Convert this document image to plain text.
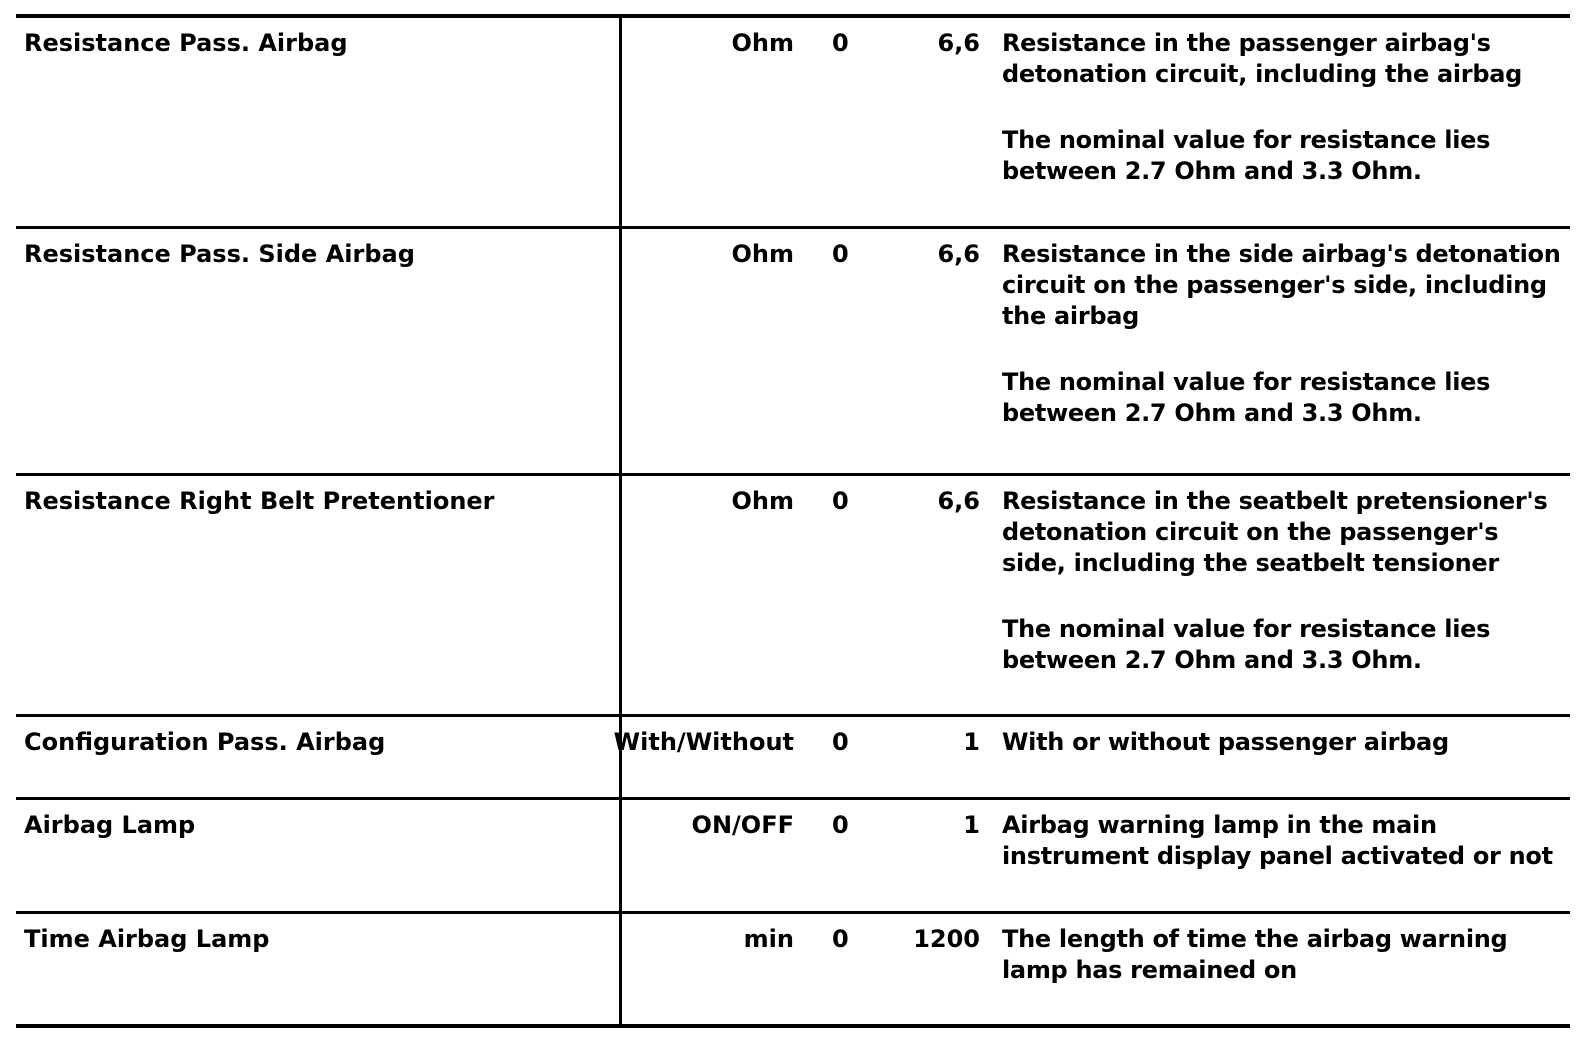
Resistance Pass. Airbag	Ohm 0	6,6 Resistance in the passenger airbag's detonation circuit, including the airbag

The nominal value for resistance lies between 2.7 Ohm and 3.3 Ohm.

Resistance Pass. Side Airbag	Ohm 0	6,6 Resistance in the side airbag's detonation circuit on the passenger's side, including the airbag

The nominal value for resistance lies between 2.7 Ohm and 3.3 Ohm.

Resistance Right Belt Pretentioner	Ohm 0	6,6 Resistance in the seatbelt pretensioner's detonation circuit on the passenger's side, including the seatbelt tensioner

The nominal value for resistance lies between 2.7 Ohm and 3.3 Ohm.

Configuration Pass. Airbag	With/Without 0	1 With or without passenger airbag

Airbag Lamp	ON/OFF 0	1 Airbag warning lamp in the main instrument display panel activated or not

Time Airbag Lamp	min 0	1200 The length of time the airbag warning lamp has remained on
